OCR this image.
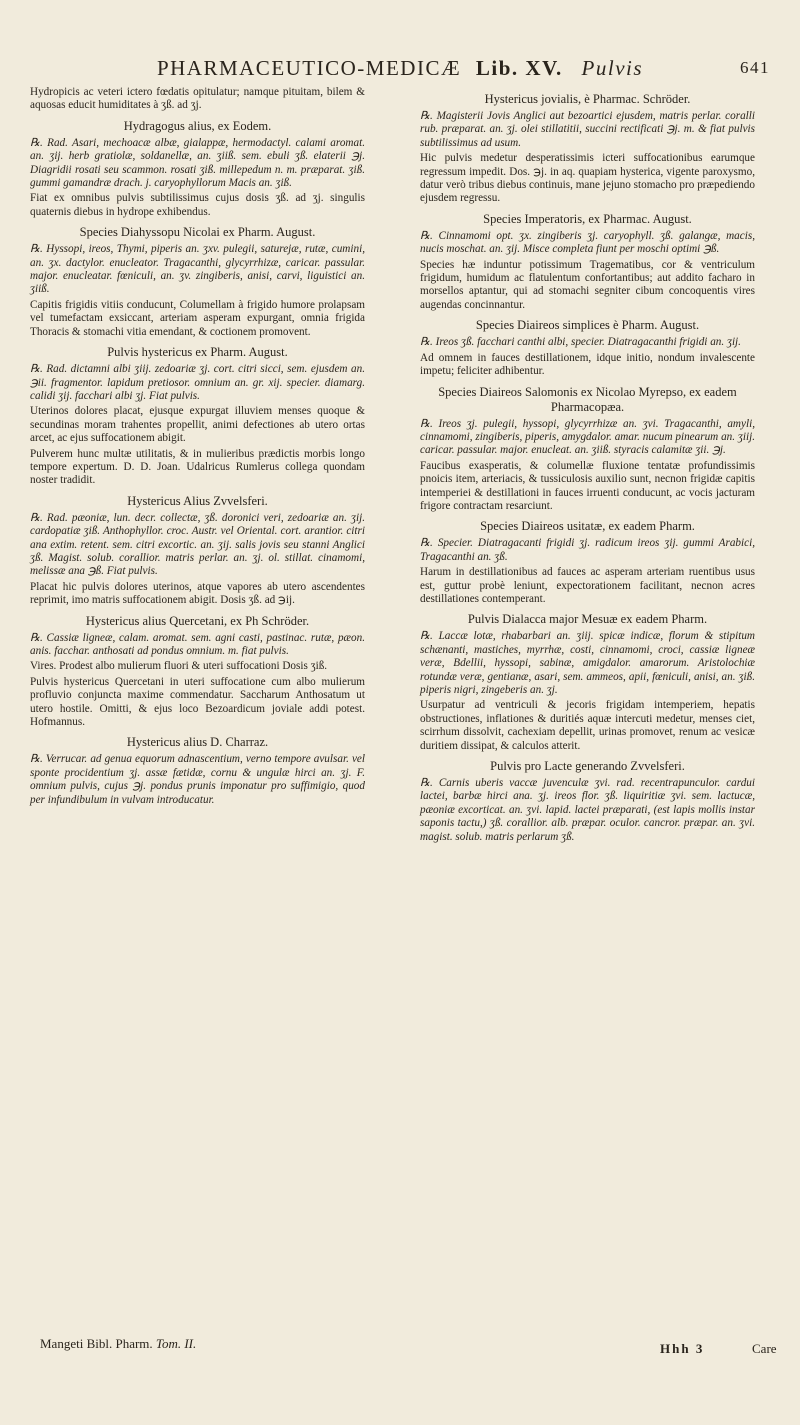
PHARMACEUTICO-MEDICÆ Lib. XV. Pulvis	641

Hydropicis ac veteri ictero fœdatis opitulatur; namque pituitam, bilem & aquosas educit humiditates à ʒß. ad ʒj.

Hydragogus alius, ex Eodem.

℞. Rad. Asari, mechoacæ albæ, gialappæ, hermodactyl. calami aromat. an. ʒij. herb gratiolæ, soldanellæ, an. ʒiiß. sem. ebuli ʒß. elaterii ℈j. Diagridii rosati seu scammon. rosati ʒiß. millepedum n. m. præparat. ʒiß. gummi gamandræ drach. j. caryophyllorum Macis an. ʒiß.

Fiat ex omnibus pulvis subtilissimus cujus dosis ʒß. ad ʒj. singulis quaternis diebus in hydrope exhibendus.

Species Diahyssopu Nicolai ex Pharm. August.

℞. Hyssopi, ireos, Thymi, piperis an. ʒxv. pulegii, saturejæ, rutæ, cumini, an. ʒx. dactylor. enucleator. Tragacanthi, glycyrrhizæ, caricar. passular. major. enucleatar. fœniculi, an. ʒv. zingiberis, anisi, carvi, liguistici an. ʒiiß.

Capitis frigidis vitiis conducunt, Columellam à frigido humore prolapsam vel tumefactam exsiccant, arteriam asperam expurgant, omnia frigida Thoracis & stomachi vitia emendant, & coctionem promovent.

Pulvis hystericus ex Pharm. August.

℞. Rad. dictamni albi ʒiij. zedoariæ ʒj. cort. citri sicci, sem. ejusdem an. ℈ii. fragmentor. lapidum pretiosor. omnium an. gr. xij. specier. diamarg. calidi ʒij. facchari albi ʒj. Fiat pulvis.

Uterinos dolores placat, ejusque expurgat illuviem menses quoque & secundinas moram trahentes propellit, animi defectiones ab utero ortas arcet, ac ejus suffocationem abigit.

Pulverem hunc multæ utilitatis, & in mulieribus prædictis morbis longo tempore expertum. D. D. Joan. Udalricus Rumlerus collega quondam noster tradidit.

Hystericus Alius Zvvelsferi.

℞. Rad. pæoniæ, lun. decr. collectæ, ʒß. doronici veri, zedoariæ an. ʒij. cardopatiæ ʒiß. Anthophyllor. croc. Austr. vel Oriental. cort. arantior. citri ana extim. retent. sem. citri excortic. an. ʒij. salis jovis seu stanni Anglici ʒß. Magist. solub. corallior. matris perlar. an. ʒj. ol. stillat. cinamomi, melissæ ana ℈ß. Fiat pulvis.

Placat hic pulvis dolores uterinos, atque vapores ab utero ascendentes reprimit, imo matris suffocationem abigit. Dosis ʒß. ad ℈ij.

Hystericus alius Quercetani, ex Ph Schröder.

℞. Cassiæ ligneæ, calam. aromat. sem. agni casti, pastinac. rutæ, pæon. anis. facchar. anthosati ad pondus omnium. m. fiat pulvis.

Vires. Prodest albo mulierum fluori & uteri suffocationi Dosis ʒiß.

Pulvis hystericus Quercetani in uteri suffocatione cum albo mulierum profluvio conjuncta maxime commendatur. Saccharum Anthosatum ut utero hostile. Omitti, & ejus loco Bezoardicum joviale addi potest. Hofmannus.

Hystericus alius D. Charraz.

℞. Verrucar. ad genua equorum adnascentium, verno tempore avulsar. vel sponte procidentium ʒj. assæ fætidæ, cornu & ungulæ hirci an. ʒj. F. omnium pulvis, cujus ℈j. pondus prunis imponatur pro suffimigio, quod per infundibulum in vulvam introducatur.

Hystericus jovialis, è Pharmac. Schröder.

℞. Magisterii Jovis Anglici aut bezoartici ejusdem, matris perlar. coralli rub. præparat. an. ʒj. olei stillatitii, succini rectificati ℈j. m. & fiat pulvis subtilissimus ad usum.

Hic pulvis medetur desperatissimis icteri suffocationibus earumque regressum impedit. Dos. ℈j. in aq. quapiam hysterica, vigente paroxysmo, datur verò tribus diebus continuis, mane jejuno stomacho pro præpediendo ejusdem regressu.

Species Imperatoris, ex Pharmac. August.

℞. Cinnamomi opt. ʒx. zingiberis ʒj. caryophyll. ʒß. galangæ, macis, nucis moschat. an. ʒij. Misce completa fiunt per moschi optimi ℈ß.

Species hæ induntur potissimum Tragematibus, cor & ventriculum frigidum, humidum ac flatulentum confortantibus; aut addito facharo in morsellos aptantur, qui ad stomachi segniter cibum concoquentis vires augendas concinnantur.

Species Diaireos simplices è Pharm. August.

℞. Ireos ʒß. facchari canthi albi, specier. Diatragacanthi frigidi an. ʒij.

Ad omnem in fauces destillationem, idque initio, nondum invalescente impetu; feliciter adhibentur.

Species Diaireos Salomonis ex Nicolao Myrepso, ex eadem Pharmacopæa.

℞. Ireos ʒj. pulegii, hyssopi, glycyrrhizæ an. ʒvi. Tragacanthi, amyli, cinnamomi, zingiberis, piperis, amygdalor. amar. nucum pinearum an. ʒiij. caricar. passular. major. enucleat. an. ʒiiß. styracis calamitæ ʒii. ℈j.

Faucibus exasperatis, & columellæ fluxione tentatæ profundissimis pnoicis item, arteriacis, & tussiculosis auxilio sunt, necnon frigidæ capitis intemperiei & destillationi in fauces irruenti conducunt, ac vocis jacturam frigore contractam resarciunt.

Species Diaireos usitatæ, ex eadem Pharm.

℞. Specier. Diatragacanti frigidi ʒj. radicum ireos ʒij. gummi Arabici, Tragacanthi an. ʒß.

Harum in destillationibus ad fauces ac asperam arteriam ruentibus usus est, guttur probè leniunt, expectorationem facilitant, necnon acres destillationes contemperant.

Pulvis Dialacca major Mesuæ ex eadem Pharm.

℞. Laccæ lotæ, rhabarbari an. ʒiij. spicæ indicæ, florum & stipitum schænanti, mastiches, myrrhæ, costi, cinnamomi, croci, cassiæ ligneæ veræ, Bdellii, hyssopi, sabinæ, amigdalor. amarorum. Aristolochiæ rotundæ veræ, gentianæ, asari, sem. ammeos, apii, fœniculi, anisi, an. ʒiß. piperis nigri, zingeberis an. ʒj.

Usurpatur ad ventriculi & jecoris frigidam intemperiem, hepatis obstructiones, inflationes & duritiés aquæ intercuti medetur, menses ciet, scirrhum dissolvit, cachexiam depellit, urinas promovet, renum ac vesicæ duritiem dissipat, & calculos atterit.

Pulvis pro Lacte generando Zvvelsferi.

℞. Carnis uberis vaccæ juvenculæ ʒvi. rad. recentrapunculor. cardui lactei, barbæ hirci ana. ʒj. ireos flor. ʒß. liquiritiæ ʒvi. sem. lactucæ, pæoniæ excorticat. an. ʒvi. lapid. lactei præparati, (est lapis mollis instar saponis tactu,) ʒß. corallior. alb. præpar. oculor. cancror. præpar. an. ʒvi. magist. solub. matris perlarum ʒß.

Mangeti Bibl. Pharm. Tom. II.	Hhh 3	Care
